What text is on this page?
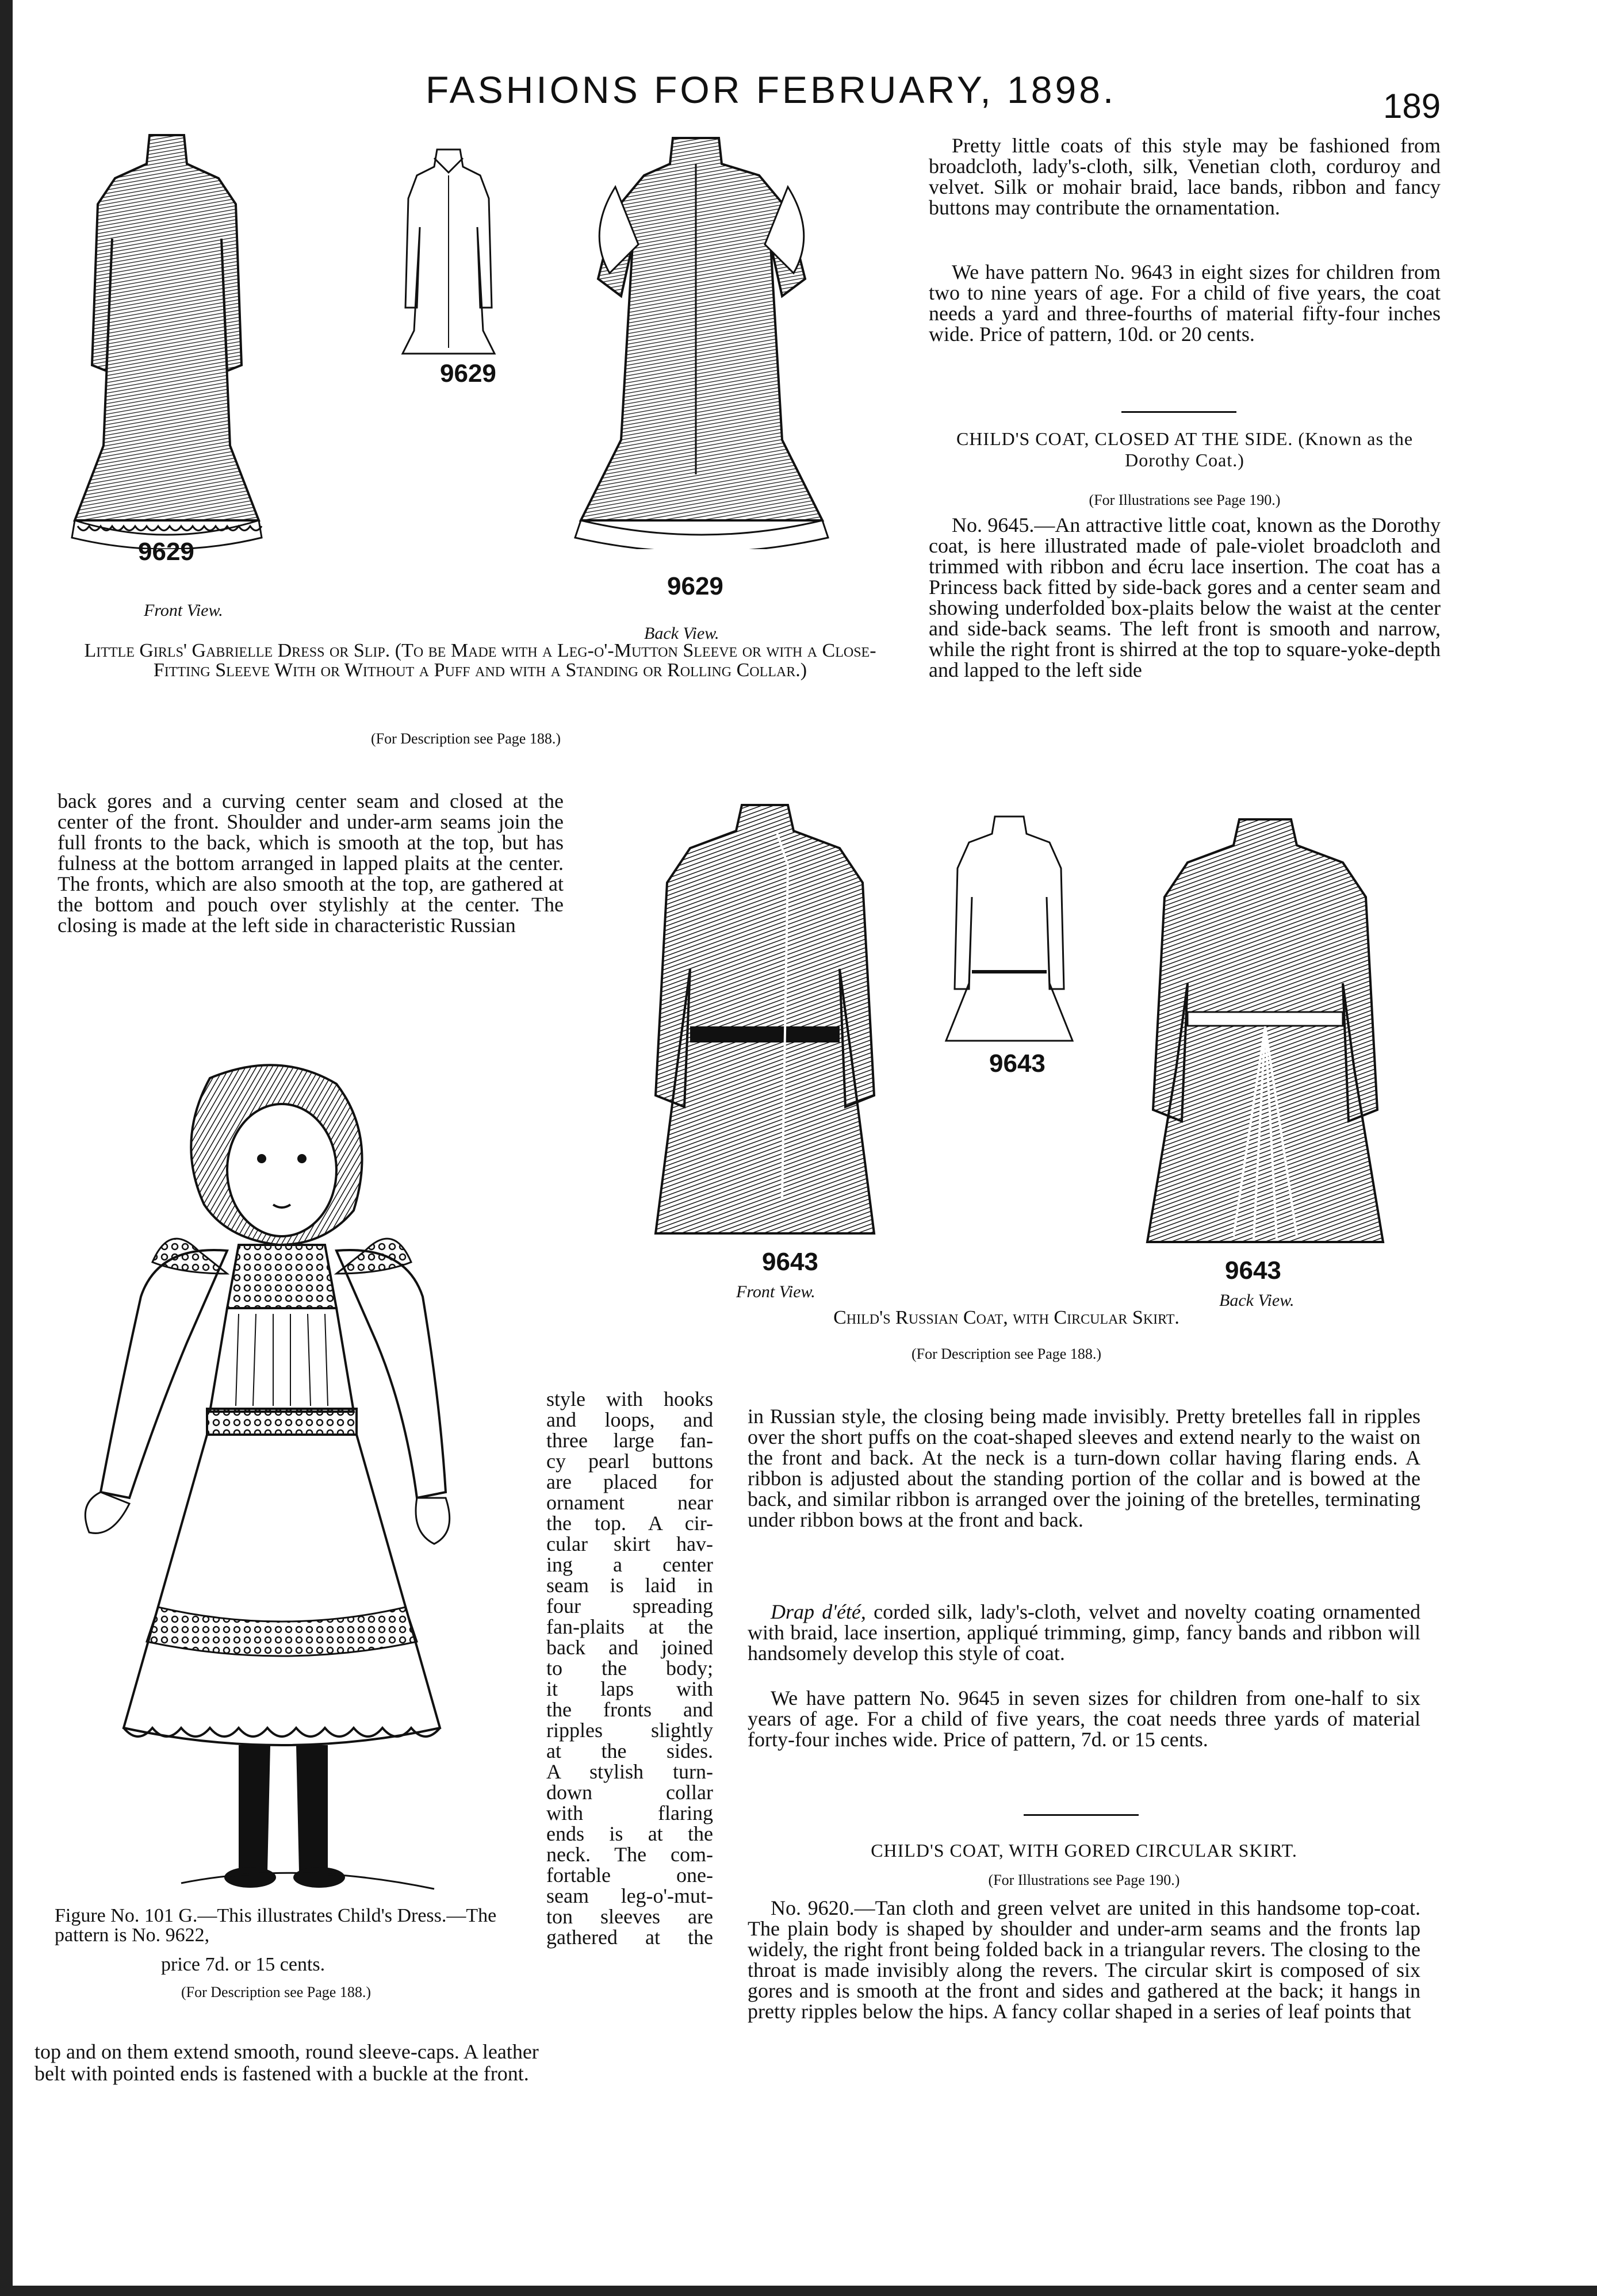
FASHIONS FOR FEBRUARY, 1898.	189
9629
Front View.
9629
9629
Back View.
Little Girls' Gabrielle Dress or Slip. (To be Made with a Leg-o'-Mutton Sleeve or with a Close-Fitting Sleeve With or Without a Puff and with a Standing or Rolling Collar.)
(For Description see Page 188.)
Pretty little coats of this style may be fashioned from broadcloth, lady's-cloth, silk, Venetian cloth, corduroy and velvet. Silk or mohair braid, lace bands, ribbon and fancy buttons may contribute the ornamentation.
We have pattern No. 9643 in eight sizes for children from two to nine years of age. For a child of five years, the coat needs a yard and three-fourths of material fifty-four inches wide. Price of pattern, 10d. or 20 cents.
CHILD'S COAT, CLOSED AT THE SIDE. (Known as the Dorothy Coat.)
(For Illustrations see Page 190.)
No. 9645.—An attractive little coat, known as the Dorothy coat, is here illustrated made of pale-violet broadcloth and trimmed with ribbon and écru lace insertion. The coat has a Princess back fitted by side-back gores and a center seam and showing underfolded box-plaits below the waist at the center and side-back seams. The left front is smooth and narrow, while the right front is shirred at the top to square-yoke-depth and lapped to the left side
back gores and a curving center seam and closed at the center of the front. Shoulder and under-arm seams join the full fronts to the back, which is smooth at the top, but has fulness at the bottom arranged in lapped plaits at the center. The fronts, which are also smooth at the top, are gathered at the bottom and pouch over stylishly at the center. The closing is made at the left side in characteristic Russian
9643
Front View.
9643
9643
Back View.
Child's Russian Coat, with Circular Skirt.
(For Description see Page 188.)
Figure No. 101 G.—This illustrates Child's Dress.—The pattern is No. 9622,
price 7d. or 15 cents.
(For Description see Page 188.)
style with hooks
and loops, and
three large fan-
cy pearl buttons
are placed for
ornament near
the top. A cir-
cular skirt hav-
ing a center
seam is laid in
four spreading
fan-plaits at the
back and joined
to the body;
it laps with
the fronts and
ripples slightly
at the sides.
A stylish turn-
down collar
with flaring
ends is at the
neck. The com-
fortable one-
seam leg-o'-mut-
ton sleeves are
gathered at the
top and on them extend smooth, round sleeve-caps. A leather
belt with pointed ends is fastened with a buckle at the front.
in Russian style, the closing being made invisibly. Pretty bretelles fall in ripples over the short puffs on the coat-shaped sleeves and extend nearly to the waist on the front and back. At the neck is a turn-down collar having flaring ends. A ribbon is adjusted about the standing portion of the collar and is bowed at the back, and similar ribbon is arranged over the joining of the bretelles, terminating under ribbon bows at the front and back.
Drap d'été, corded silk, lady's-cloth, velvet and novelty coating ornamented with braid, lace insertion, appliqué trimming, gimp, fancy bands and ribbon will handsomely develop this style of coat.
We have pattern No. 9645 in seven sizes for children from one-half to six years of age. For a child of five years, the coat needs three yards of material forty-four inches wide. Price of pattern, 7d. or 15 cents.
CHILD'S COAT, WITH GORED CIRCULAR SKIRT.
(For Illustrations see Page 190.)
No. 9620.—Tan cloth and green velvet are united in this handsome top-coat. The plain body is shaped by shoulder and under-arm seams and the fronts lap widely, the right front being folded back in a triangular revers. The closing to the throat is made invisibly along the revers. The circular skirt is composed of six gores and is smooth at the front and sides and gathered at the back; it hangs in pretty ripples below the hips. A fancy collar shaped in a series of leaf points that
